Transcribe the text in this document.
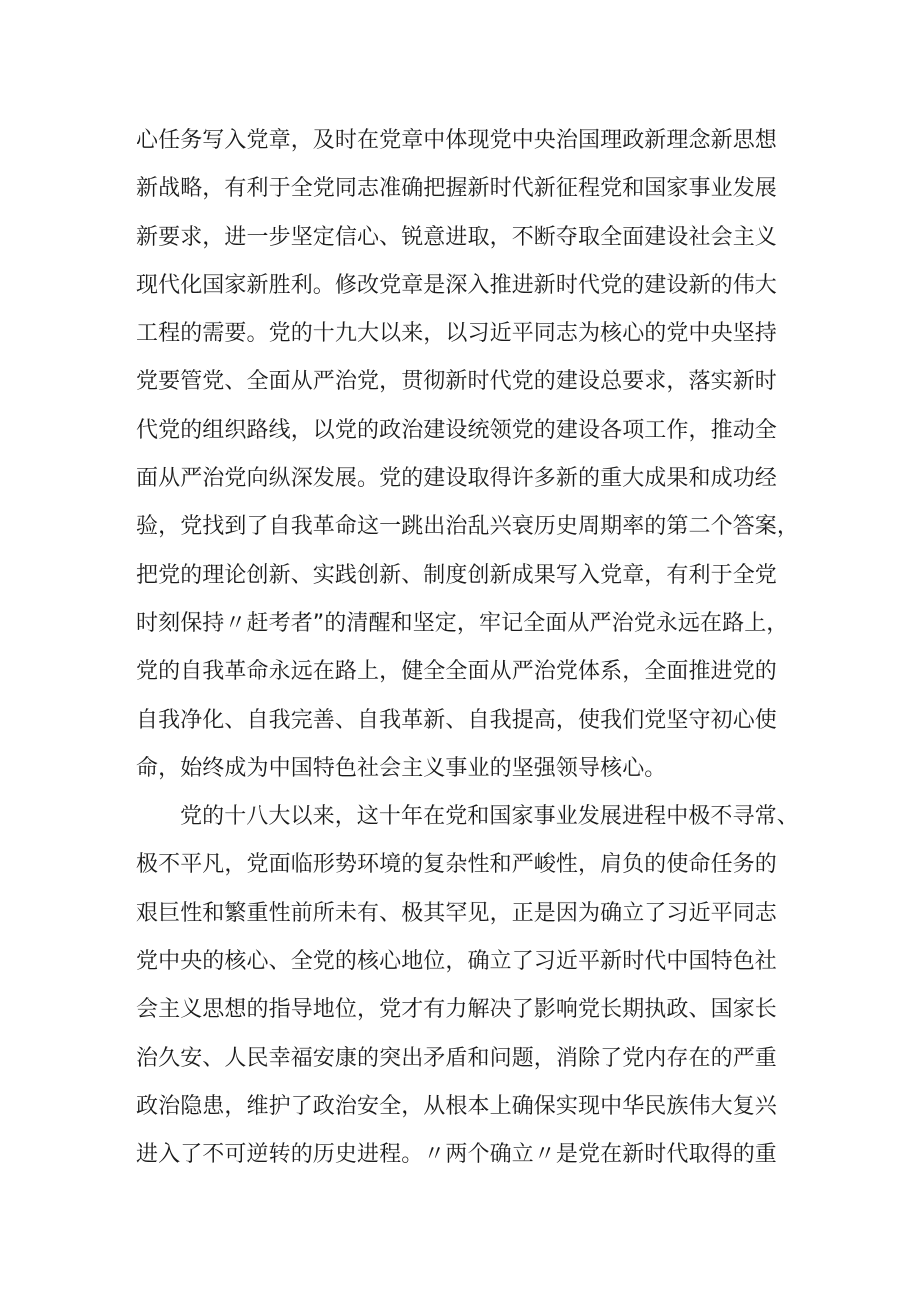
心任务写入党章，及时在党章中体现党中央治国理政新理念新思想
新战略，有利于全党同志准确把握新时代新征程党和国家事业发展
新要求，进一步坚定信心、锐意进取，不断夺取全面建设社会主义
现代化国家新胜利。修改党章是深入推进新时代党的建设新的伟大
工程的需要。党的十九大以来，以习近平同志为核心的党中央坚持
党要管党、全面从严治党，贯彻新时代党的建设总要求，落实新时
代党的组织路线，以党的政治建设统领党的建设各项工作，推动全
面从严治党向纵深发展。党的建设取得许多新的重大成果和成功经
验，党找到了自我革命这一跳出治乱兴衰历史周期率的第二个答案，
把党的理论创新、实践创新、制度创新成果写入党章，有利于全党
时刻保持〃赶考者”的清醒和坚定，牢记全面从严治党永远在路上，
党的自我革命永远在路上，健全全面从严治党体系，全面推进党的
自我净化、自我完善、自我革新、自我提高，使我们党坚守初心使
命，始终成为中国特色社会主义事业的坚强领导核心。
党的十八大以来，这十年在党和国家事业发展进程中极不寻常、
极不平凡，党面临形势环境的复杂性和严峻性，肩负的使命任务的
艰巨性和繁重性前所未有、极其罕见，正是因为确立了习近平同志
党中央的核心、全党的核心地位，确立了习近平新时代中国特色社
会主义思想的指导地位，党才有力解决了影响党长期执政、国家长
治久安、人民幸福安康的突出矛盾和问题，消除了党内存在的严重
政治隐患，维护了政治安全，从根本上确保实现中华民族伟大复兴
进入了不可逆转的历史进程。〃两个确立〃是党在新时代取得的重
